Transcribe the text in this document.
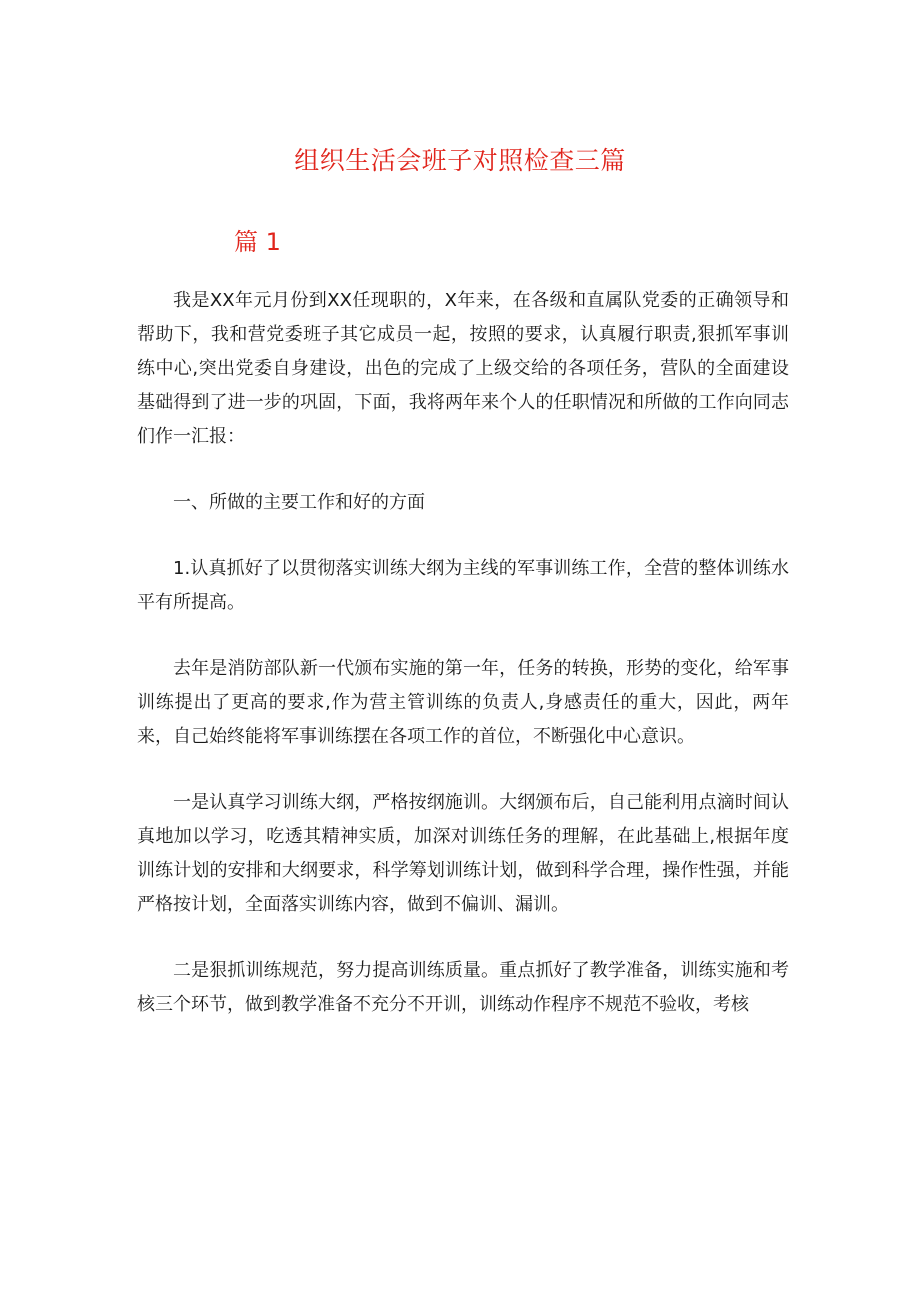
组织生活会班子对照检查三篇
篇 1

我是XX年元月份到XX任现职的，X年来，在各级和直属队党委的正确领导和帮助下，我和营党委班子其它成员一起，按照的要求，认真履行职责,狠抓军事训练中心,突出党委自身建设，出色的完成了上级交给的各项任务，营队的全面建设基础得到了进一步的巩固，下面，我将两年来个人的任职情况和所做的工作向同志们作一汇报：

一、所做的主要工作和好的方面

1.认真抓好了以贯彻落实训练大纲为主线的军事训练工作，全营的整体训练水平有所提高。

去年是消防部队新一代颁布实施的第一年，任务的转换，形势的变化，给军事训练提出了更高的要求,作为营主管训练的负责人,身感责任的重大，因此，两年来，自己始终能将军事训练摆在各项工作的首位，不断强化中心意识。

一是认真学习训练大纲，严格按纲施训。大纲颁布后，自己能利用点滴时间认真地加以学习，吃透其精神实质，加深对训练任务的理解，在此基础上,根据年度训练计划的安排和大纲要求，科学筹划训练计划，做到科学合理，操作性强，并能严格按计划，全面落实训练内容，做到不偏训、漏训。

二是狠抓训练规范，努力提高训练质量。重点抓好了教学准备，训练实施和考核三个环节，做到教学准备不充分不开训，训练动作程序不规范不验收，考核
